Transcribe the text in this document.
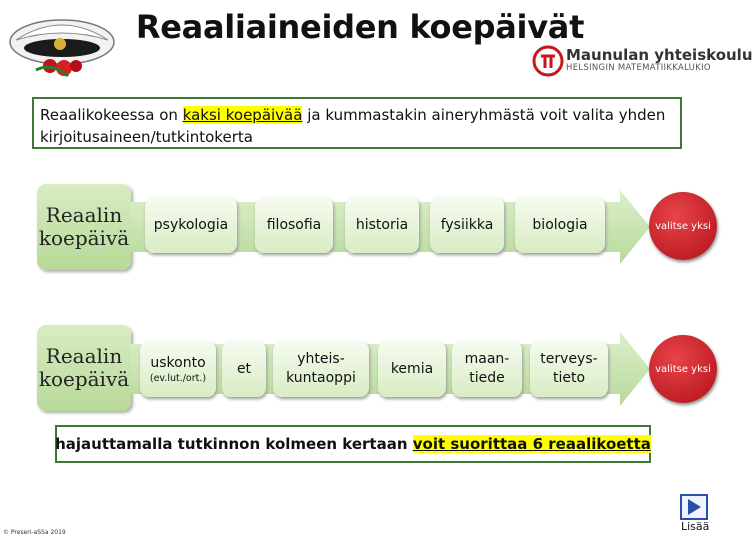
Reaaliaineiden koepäivät
Maunulan yhteiskoulu
HELSINGIN MATEMATIIKKALUKIO
Reaalikokeessa on kaksi koepäivää ja kummastakin aineryhmästä voit valita yhden kirjoitusaineen/tutkintokerta
Reaalin koepäivä
psykologia	filosofia historia fysiikka	biologia	valitse yksi
Reaalin koepäivä
uskonto
(ev.lut./ort.)
et
yhteis-kuntaoppi
kemia
maan-tiede
terveys-tieto
valitse yksi
hajauttamalla tutkinnon kolmeen kertaan
voit suorittaa 6 reaalikoetta
© Preseri-aSSa 2019	Lisää
